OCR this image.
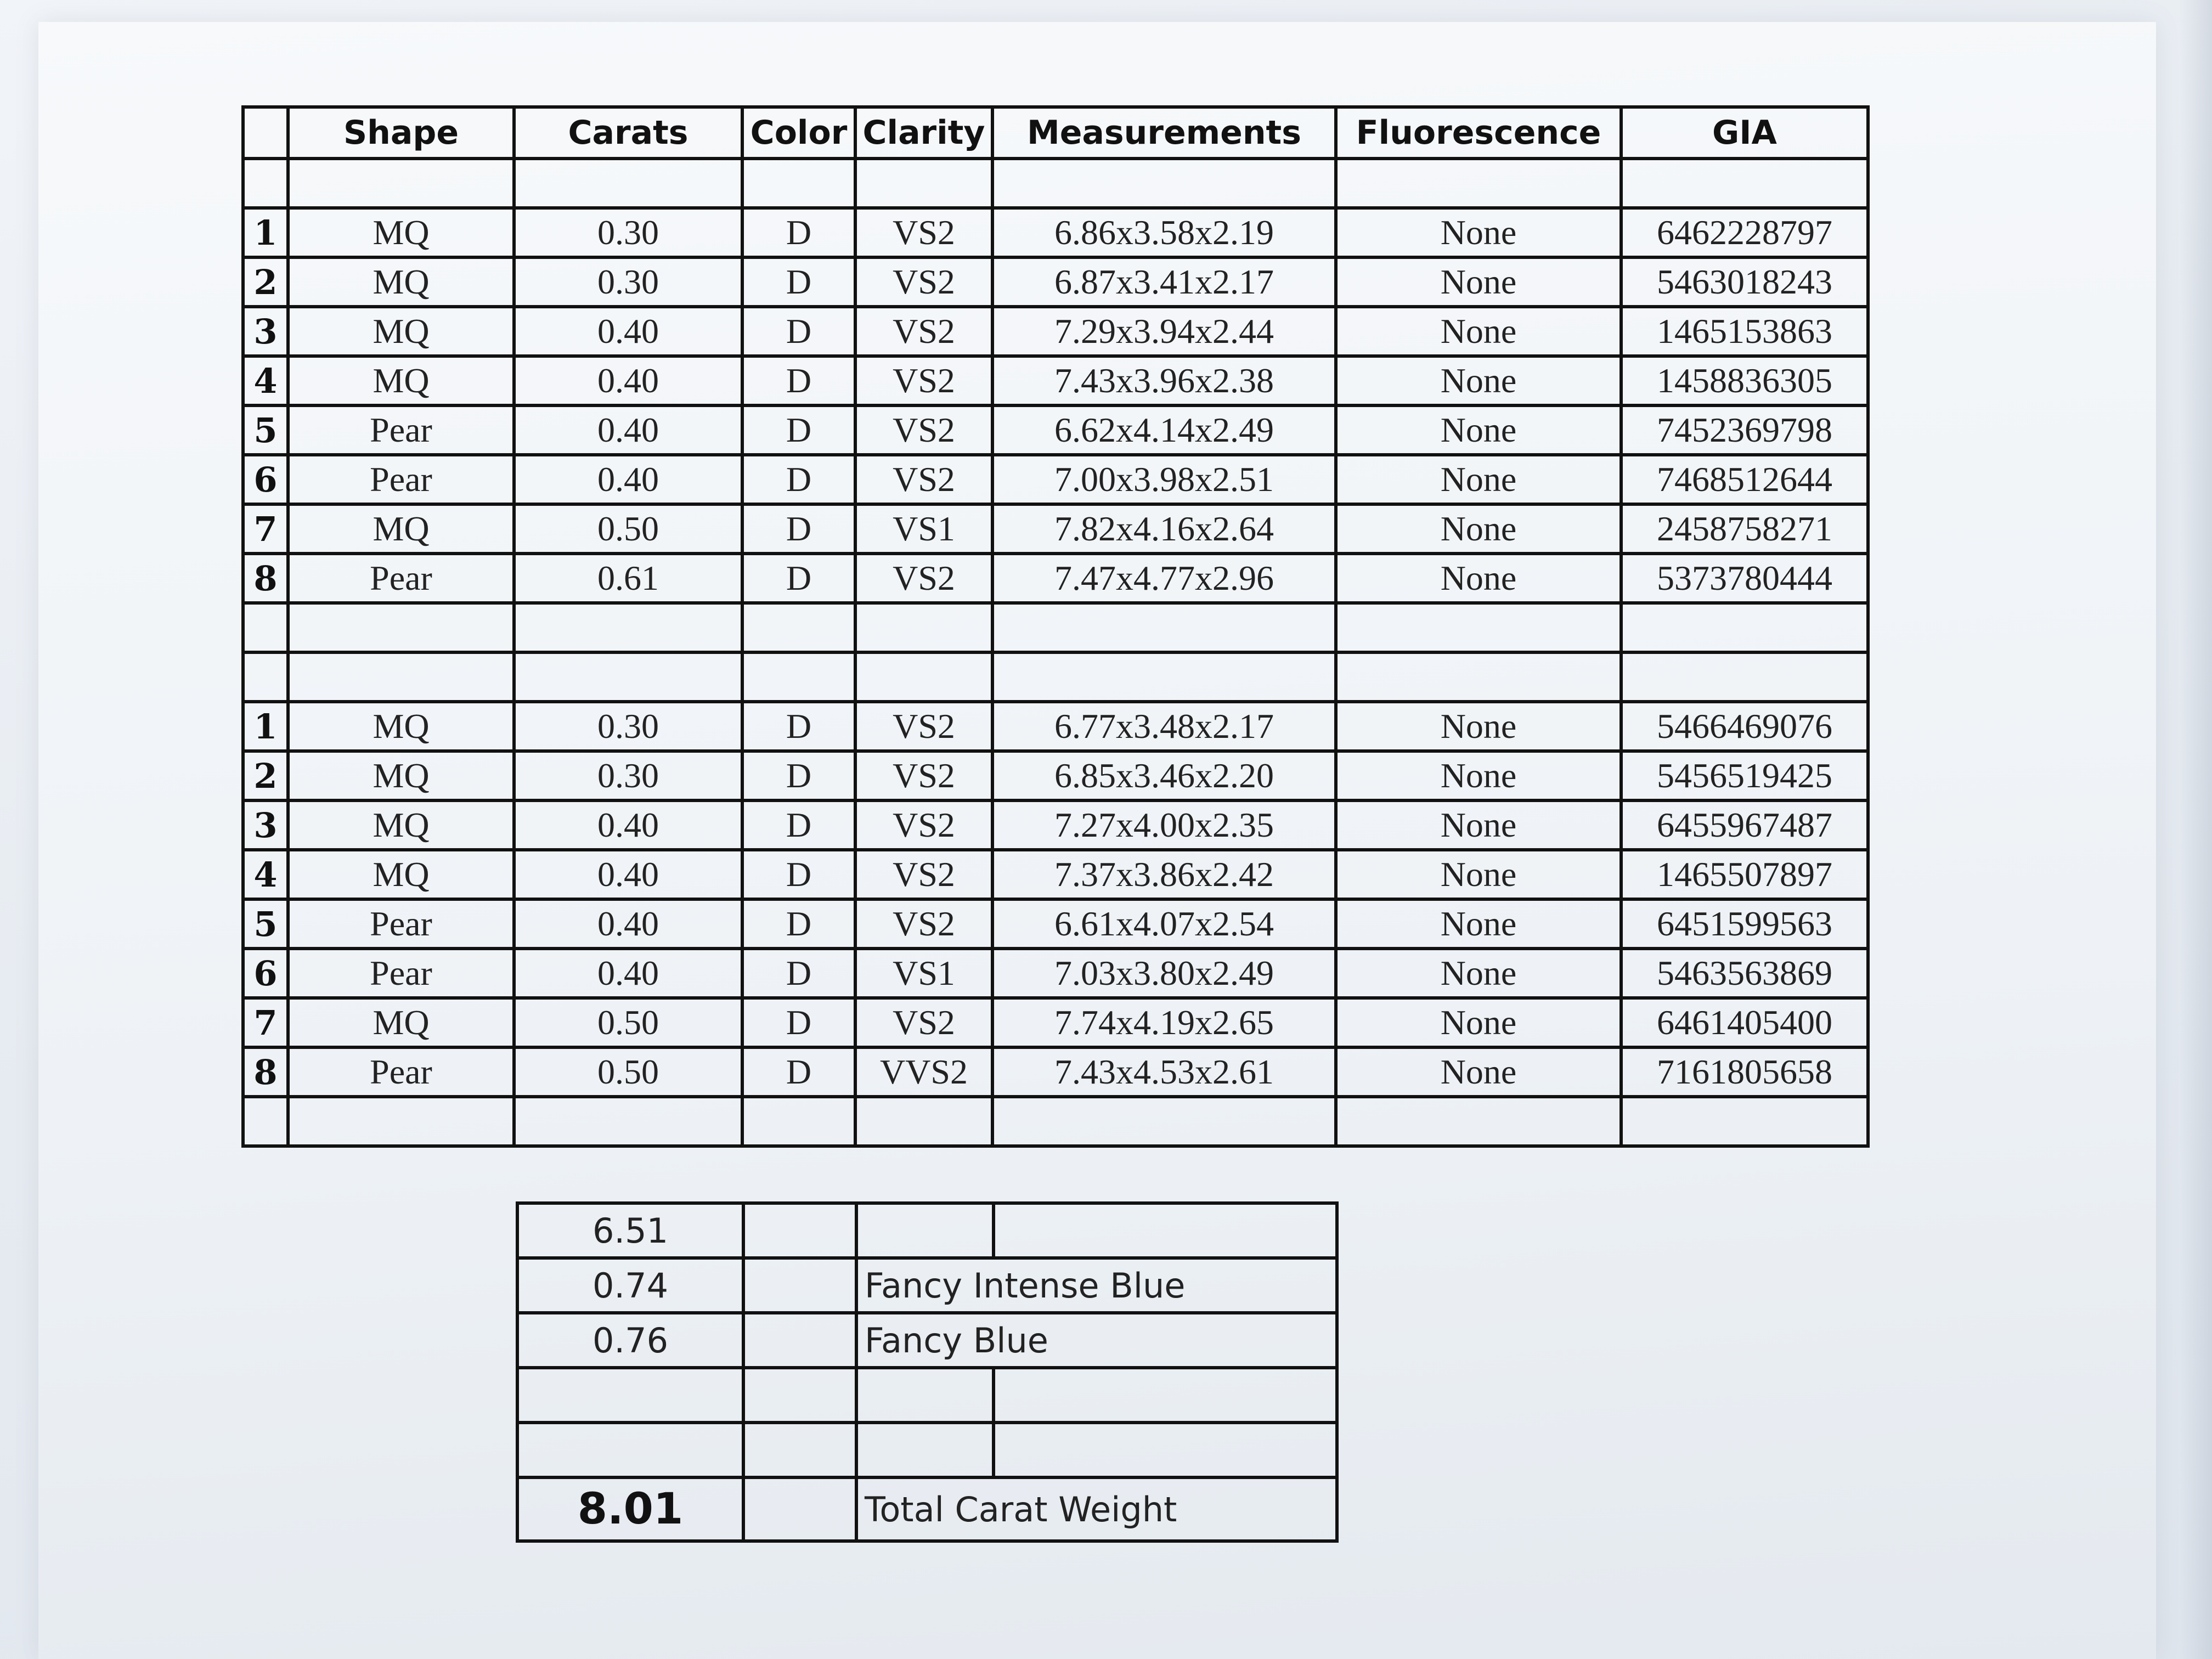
	Shape	Carats	Color	Clarity	Measurements	Fluorescence	GIA

1	MQ	0.30	D	VS2	6.86x3.58x2.19	None	6462228797
2	MQ	0.30	D	VS2	6.87x3.41x2.17	None	5463018243
3	MQ	0.40	D	VS2	7.29x3.94x2.44	None	1465153863
4	MQ	0.40	D	VS2	7.43x3.96x2.38	None	1458836305
5	Pear	0.40	D	VS2	6.62x4.14x2.49	None	7452369798
6	Pear	0.40	D	VS2	7.00x3.98x2.51	None	7468512644
7	MQ	0.50	D	VS1	7.82x4.16x2.64	None	2458758271
8	Pear	0.61	D	VS2	7.47x4.77x2.96	None	5373780444

1	MQ	0.30	D	VS2	6.77x3.48x2.17	None	5466469076
2	MQ	0.30	D	VS2	6.85x3.46x2.20	None	5456519425
3	MQ	0.40	D	VS2	7.27x4.00x2.35	None	6455967487
4	MQ	0.40	D	VS2	7.37x3.86x2.42	None	1465507897
5	Pear	0.40	D	VS2	6.61x4.07x2.54	None	6451599563
6	Pear	0.40	D	VS1	7.03x3.80x2.49	None	5463563869
7	MQ	0.50	D	VS2	7.74x4.19x2.65	None	6461405400
8	Pear	0.50	D	VVS2	7.43x4.53x2.61	None	7161805658

6.51			
0.74		Fancy Intense Blue	
0.76		Fancy Blue	

8.01		Total Carat Weight	
